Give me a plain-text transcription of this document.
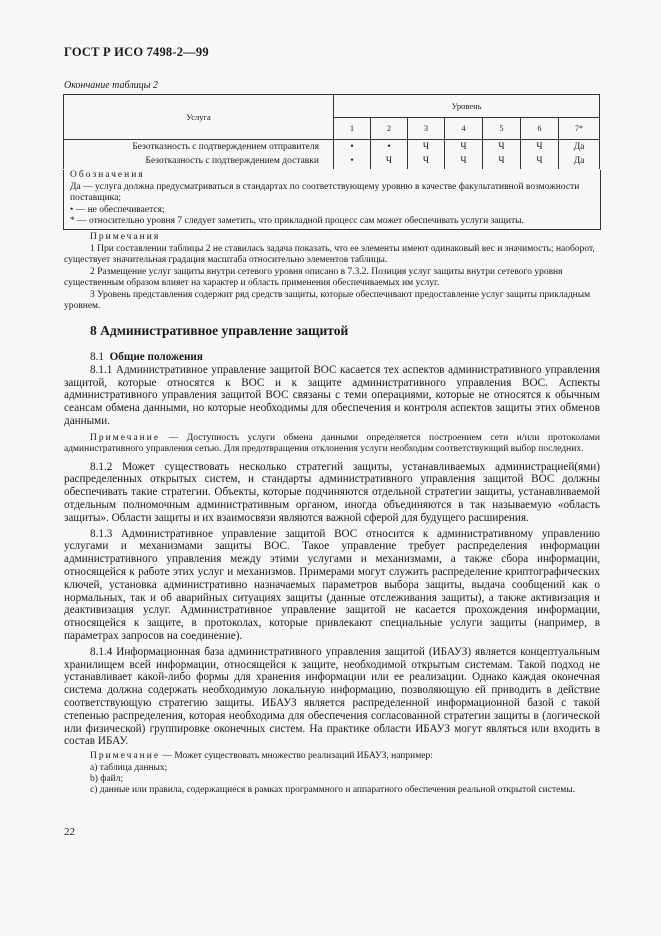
ГОСТ Р ИСО 7498-2—99
Окончание таблицы 2
Услуга	Уровень						
	1	2	3	4	5	6	7*
Безотказность с подтверждением отправителя	•	•	Ч	Ч	Ч	Ч	Да
Безотказность с подтверждением доставки	•	Ч	Ч	Ч	Ч	Ч	Да
Обозначения
Да — услуга должна предусматриваться в стандартах по соответствующему уровню в качестве факультативной возможности поставщика;
• — не обеспечивается;
* — относительно уровня 7 следует заметить, что прикладной процесс сам может обеспечивать услуги защиты.

Примечания

1 При составлении таблицы 2 не ставилась задача показать, что ее элементы имеют одинаковый вес и значимость; наоборот, существует значительная градация масштаба относительно элементов таблицы.

2 Размещение услуг защиты внутри сетевого уровня описано в 7.3.2. Позиция услуг защиты внутри сетевого уровня существенным образом влияет на характер и область применения обеспечиваемых им услуг.

3 Уровень представления содержит ряд средств защиты, которые обеспечивают предоставление услуг защиты прикладным уровнем.

8 Административное управление защитой

8.1 Общие положения

8.1.1 Административное управление защитой ВОС касается тех аспектов административного управления защитой, которые относятся к ВОС и к защите административного управления ВОС. Аспекты административного управления защитой ВОС связаны с теми операциями, которые не относятся к обычным сеансам обмена данными, но которые необходимы для обеспечения и контроля аспектов защиты этих обменов данными.

Примечание — Доступность услуги обмена данными определяется построением сети и/или протоколами административного управления сетью. Для предотвращения отклонения услуги необходим соответствующий выбор последних.

8.1.2 Может существовать несколько стратегий защиты, устанавливаемых администрацией(ями) распределенных открытых систем, и стандарты административного управления защитой ВОС должны обеспечивать такие стратегии. Объекты, которые подчиняются отдельной стратегии защиты, устанавливаемой отдельным полномочным административным органом, иногда объединяются в так называемую «область защиты». Области защиты и их взаимосвязи являются важной сферой для будущего расширения.

8.1.3 Административное управление защитой ВОС относится к административному управлению услугами и механизмами защиты ВОС. Такое управление требует распределения информации административного управления между этими услугами и механизмами, а также сбора информации, относящейся к работе этих услуг и механизмов. Примерами могут служить распределение криптографических ключей, установка административно назначаемых параметров выбора защиты, выдача сообщений как о нормальных, так и об аварийных ситуациях защиты (данные отслеживания защиты), а также активизация и деактивизация услуг. Административное управление защитой не касается прохождения информации, относящейся к защите, в протоколах, которые привлекают специальные услуги защиты (например, в параметрах запросов на соединение).

8.1.4 Информационная база административного управления защитой (ИБАУЗ) является концептуальным хранилищем всей информации, относящейся к защите, необходимой открытым системам. Такой подход не устанавливает какой-либо формы для хранения информации или ее реализации. Однако каждая оконечная система должна содержать необходимую локальную информацию, позволяющую ей приводить в действие соответствующую стратегию защиты. ИБАУЗ является распределенной информационной базой с такой степенью распределения, которая необходима для обеспечения согласованной стратегии защиты в (логической или физической) группировке оконечных систем. На практике области ИБАУЗ могут являться или входить в состав ИБАУ.

Примечание — Может существовать множество реализаций ИБАУЗ, например:

а) таблица данных;

b) файл;

c) данные или правила, содержащиеся в рамках программного и аппаратного обеспечения реальной открытой системы.

22
